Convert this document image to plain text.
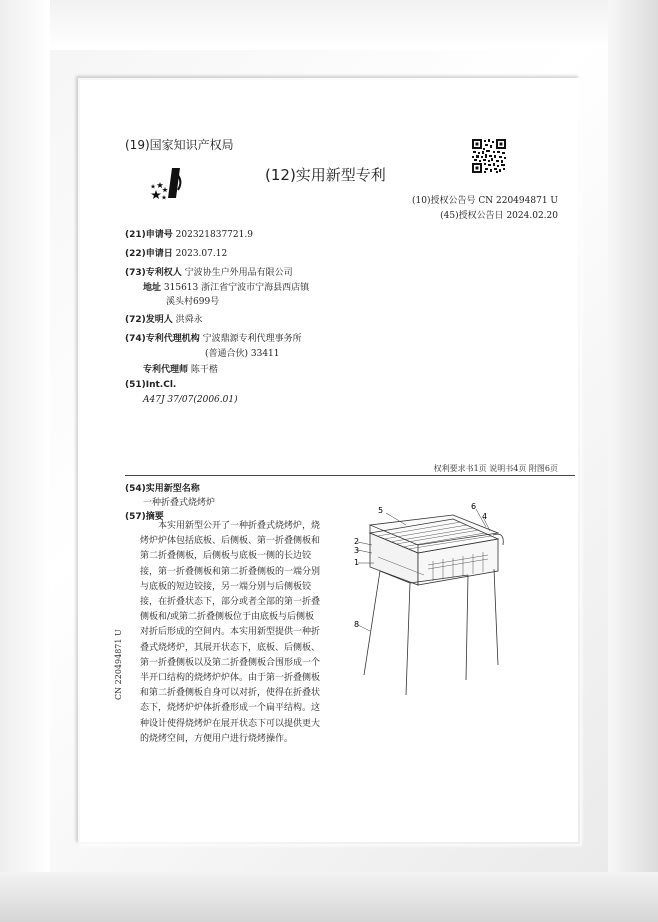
(19)国家知识产权局
(12)实用新型专利
(10)授权公告号 CN 220494871 U
(45)授权公告日 2024.02.20
(21)申请号 202321837721.9
(22)申请日 2023.07.12
(73)专利权人 宁波协生户外用品有限公司
地址 315613 浙江省宁波市宁海县西店镇
溪头村699号
(72)发明人 洪舜永
(74)专利代理机构 宁波鼎源专利代理事务所
(普通合伙) 33411
专利代理师 陈干楷
(51)Int.Cl.
A47J 37/07(2006.01)
权利要求书1页 说明书4页 附图6页
(54)实用新型名称
一种折叠式烧烤炉
(57)摘要
本实用新型公开了一种折叠式烧烤炉，烧烤炉炉体包括底板、后侧板、第一折叠侧板和第二折叠侧板，后侧板与底板一侧的长边铰接，第一折叠侧板和第二折叠侧板的一端分别与底板的短边铰接，另一端分别与后侧板铰接，在折叠状态下，部分或者全部的第一折叠侧板和/或第二折叠侧板位于由底板与后侧板对折后形成的空间内。本实用新型提供一种折叠式烧烤炉，其展开状态下，底板、后侧板、第一折叠侧板以及第二折叠侧板合围形成一个半开口结构的烧烤炉炉体。由于第一折叠侧板和第二折叠侧板自身可以对折，使得在折叠状态下，烧烤炉炉体折叠形成一个扁平结构。这种设计使得烧烤炉在展开状态下可以提供更大的烧烤空间，方便用户进行烧烤操作。
CN 220494871 U
5	6
4
2
3
1
8
